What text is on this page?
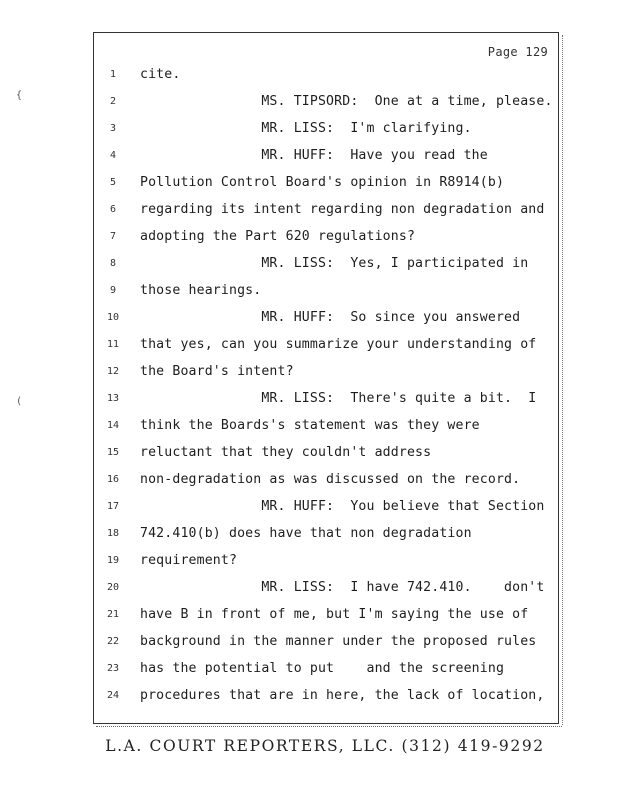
{
(
Page 129
1	cite.
2	MS. TIPSORD:  One at a time, please.
3	MR. LISS:  I'm clarifying.
4	MR. HUFF:  Have you read the
5	Pollution Control Board's opinion in R8914(b)
6	regarding its intent regarding non degradation and
7	adopting the Part 620 regulations?
8	MR. LISS:  Yes, I participated in
9	those hearings.
10	MR. HUFF:  So since you answered
11	that yes, can you summarize your understanding of
12	the Board's intent?
13	MR. LISS:  There's quite a bit.  I
14	think the Boards's statement was they were
15	reluctant that they couldn't address
16	non-degradation as was discussed on the record.
17	MR. HUFF:  You believe that Section
18	742.410(b) does have that non degradation
19	requirement?
20	MR. LISS:  I have 742.410.    don't
21	have B in front of me, but I'm saying the use of
22	background in the manner under the proposed rules
23	has the potential to put    and the screening
24	procedures that are in here, the lack of location,
L.A. COURT REPORTERS, LLC. (312) 419-9292
